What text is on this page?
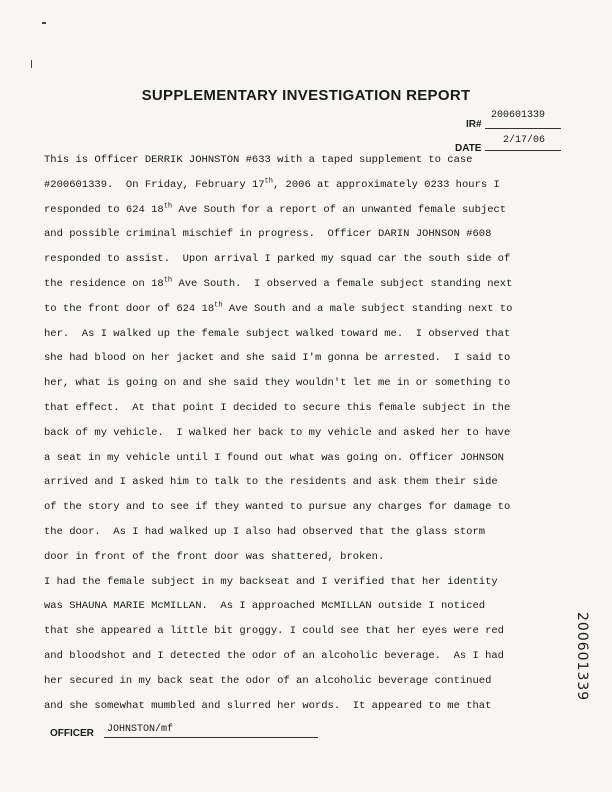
SUPPLEMENTARY INVESTIGATION REPORT
200601339
IR#
2/17/06
DATE
This is Officer DERRIK JOHNSTON #633 with a taped supplement to case
#200601339.  On Friday, February 17th, 2006 at approximately 0233 hours I
responded to 624 18th Ave South for a report of an unwanted female subject
and possible criminal mischief in progress.  Officer DARIN JOHNSON #608
responded to assist.  Upon arrival I parked my squad car the south side of
the residence on 18th Ave South.  I observed a female subject standing next
to the front door of 624 18th Ave South and a male subject standing next to
her.  As I walked up the female subject walked toward me.  I observed that
she had blood on her jacket and she said I'm gonna be arrested.  I said to
her, what is going on and she said they wouldn't let me in or something to
that effect.  At that point I decided to secure this female subject in the
back of my vehicle.  I walked her back to my vehicle and asked her to have
a seat in my vehicle until I found out what was going on. Officer JOHNSON
arrived and I asked him to talk to the residents and ask them their side
of the story and to see if they wanted to pursue any charges for damage to
the door.  As I had walked up I also had observed that the glass storm
door in front of the front door was shattered, broken.
I had the female subject in my backseat and I verified that her identity
was SHAUNA MARIE McMILLAN.  As I approached McMILLAN outside I noticed
that she appeared a little bit groggy. I could see that her eyes were red
and bloodshot and I detected the odor of an alcoholic beverage.  As I had
her secured in my back seat the odor of an alcoholic beverage continued
and she somewhat mumbled and slurred her words.  It appeared to me that
200601339
OFFICER JOHNSTON/mf
